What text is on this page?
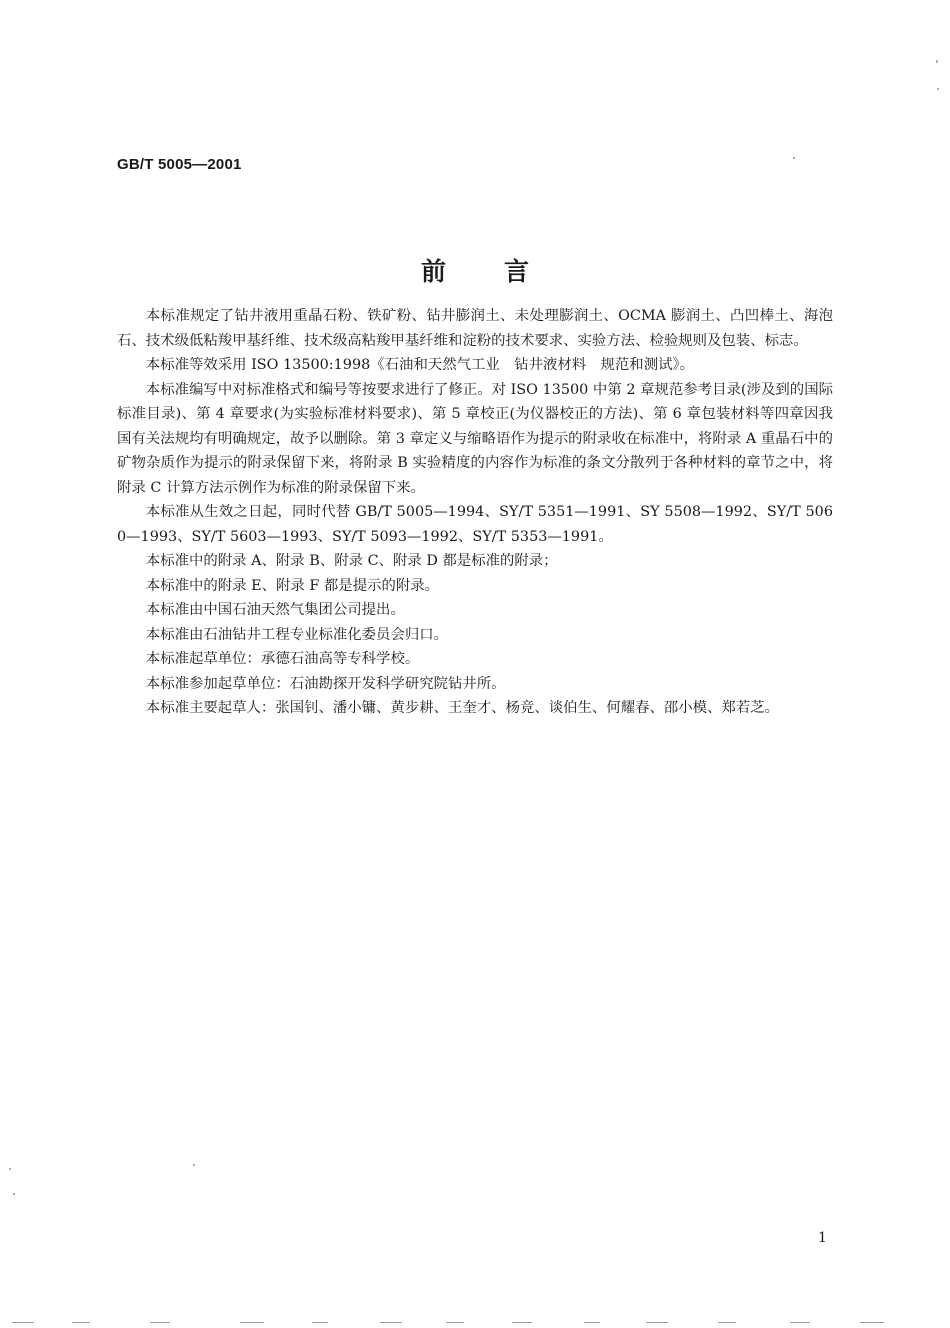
GB/T 5005—2001
前言

本标准规定了钻井液用重晶石粉、铁矿粉、钻井膨润土、未处理膨润土、OCMA 膨润土、凸凹棒土、海泡石、技术级低粘羧甲基纤维、技术级高粘羧甲基纤维和淀粉的技术要求、实验方法、检验规则及包装、标志。

本标准等效采用 ISO 13500:1998《石油和天然气工业　钻井液材料　规范和测试》。

本标准编写中对标准格式和编号等按要求进行了修正。对 ISO 13500 中第 2 章规范参考目录(涉及到的国际标准目录)、第 4 章要求(为实验标准材料要求)、第 5 章校正(为仪器校正的方法)、第 6 章包装材料等四章因我国有关法规均有明确规定，故予以删除。第 3 章定义与缩略语作为提示的附录收在标准中，将附录 A 重晶石中的矿物杂质作为提示的附录保留下来，将附录 B 实验精度的内容作为标准的条文分散列于各种材料的章节之中，将附录 C 计算方法示例作为标准的附录保留下来。

本标准从生效之日起，同时代替 GB/T 5005—1994、SY/T 5351—1991、SY 5508—1992、SY/T 5060—1993、SY/T 5603—1993、SY/T 5093—1992、SY/T 5353—1991。

本标准中的附录 A、附录 B、附录 C、附录 D 都是标准的附录；

本标准中的附录 E、附录 F 都是提示的附录。

本标准由中国石油天然气集团公司提出。

本标准由石油钻井工程专业标准化委员会归口。

本标准起草单位：承德石油高等专科学校。

本标准参加起草单位：石油勘探开发科学研究院钻井所。

本标准主要起草人：张国钊、潘小镛、黄步耕、王奎才、杨竞、谈伯生、何耀春、邵小模、郑若芝。

1
